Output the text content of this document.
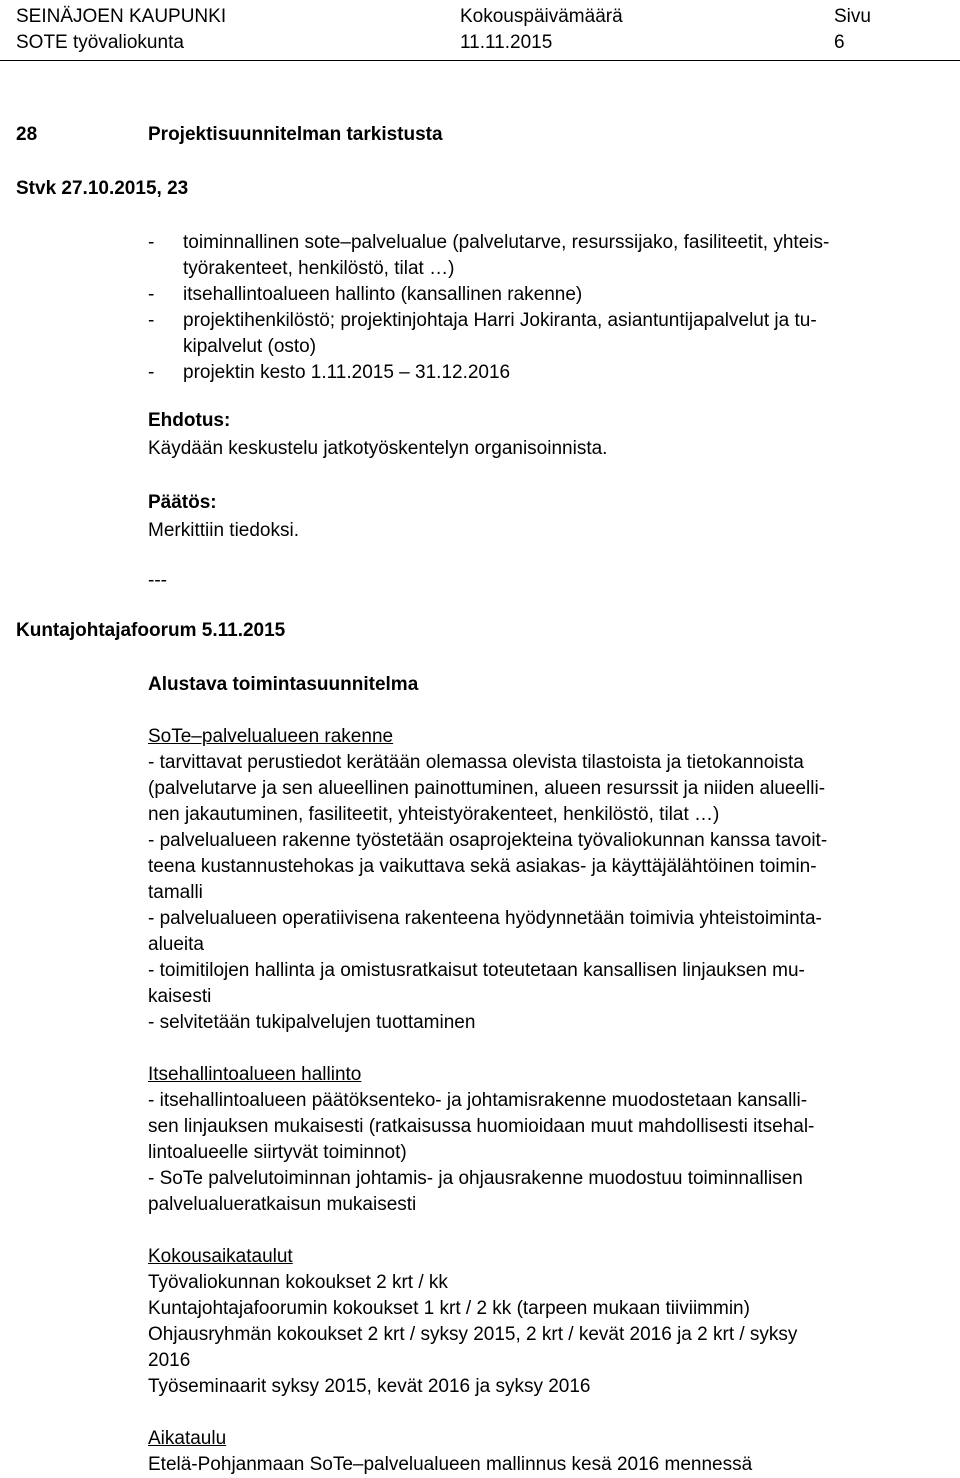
SEINÄJOEN KAUPUNKI
SOTE työvaliokunta
Kokouspäivämäärä
11.11.2015
Sivu
6
28	Projektisuunnitelman tarkistusta
Stvk 27.10.2015, 23
- toiminnallinen sote–palvelualue (palvelutarve, resurssijako, fasiliteetit, yhteis-
työrakenteet, henkilöstö, tilat …)
- itsehallintoalueen hallinto (kansallinen rakenne)
- projektihenkilöstö; projektinjohtaja Harri Jokiranta, asiantuntijapalvelut ja tu-
kipalvelut (osto)
- projektin kesto 1.11.2015 – 31.12.2016
Ehdotus:
Käydään keskustelu jatkotyöskentelyn organisoinnista.
Päätös:
Merkittiin tiedoksi.
---
Kuntajohtajafoorum 5.11.2015
Alustava toimintasuunnitelma
SoTe–palvelualueen rakenne
- tarvittavat perustiedot kerätään olemassa olevista tilastoista ja tietokannoista
(palvelutarve ja sen alueellinen painottuminen, alueen resurssit ja niiden alueelli-
nen jakautuminen, fasiliteetit, yhteistyörakenteet, henkilöstö, tilat …)
- palvelualueen rakenne työstetään osaprojekteina työvaliokunnan kanssa tavoit-
teena kustannustehokas ja vaikuttava sekä asiakas- ja käyttäjälähtöinen toimin-
tamalli
- palvelualueen operatiivisena rakenteena hyödynnetään toimivia yhteistoiminta-
alueita
- toimitilojen hallinta ja omistusratkaisut toteutetaan kansallisen linjauksen mu-
kaisesti
- selvitetään tukipalvelujen tuottaminen
Itsehallintoalueen hallinto
- itsehallintoalueen päätöksenteko- ja johtamisrakenne muodostetaan kansalli-
sen linjauksen mukaisesti (ratkaisussa huomioidaan muut mahdollisesti itsehal-
lintoalueelle siirtyvät toiminnot)
- SoTe palvelutoiminnan johtamis- ja ohjausrakenne muodostuu toiminnallisen
palvelualueratkaisun mukaisesti
Kokousaikataulut
Työvaliokunnan kokoukset 2 krt / kk
Kuntajohtajafoorumin kokoukset 1 krt / 2 kk (tarpeen mukaan tiiviimmin)
Ohjausryhmän kokoukset 2 krt / syksy 2015, 2 krt / kevät 2016 ja 2 krt / syksy
2016
Työseminaarit syksy 2015, kevät 2016 ja syksy 2016
Aikataulu
Etelä-Pohjanmaan SoTe–palvelualueen mallinnus kesä 2016 mennessä
